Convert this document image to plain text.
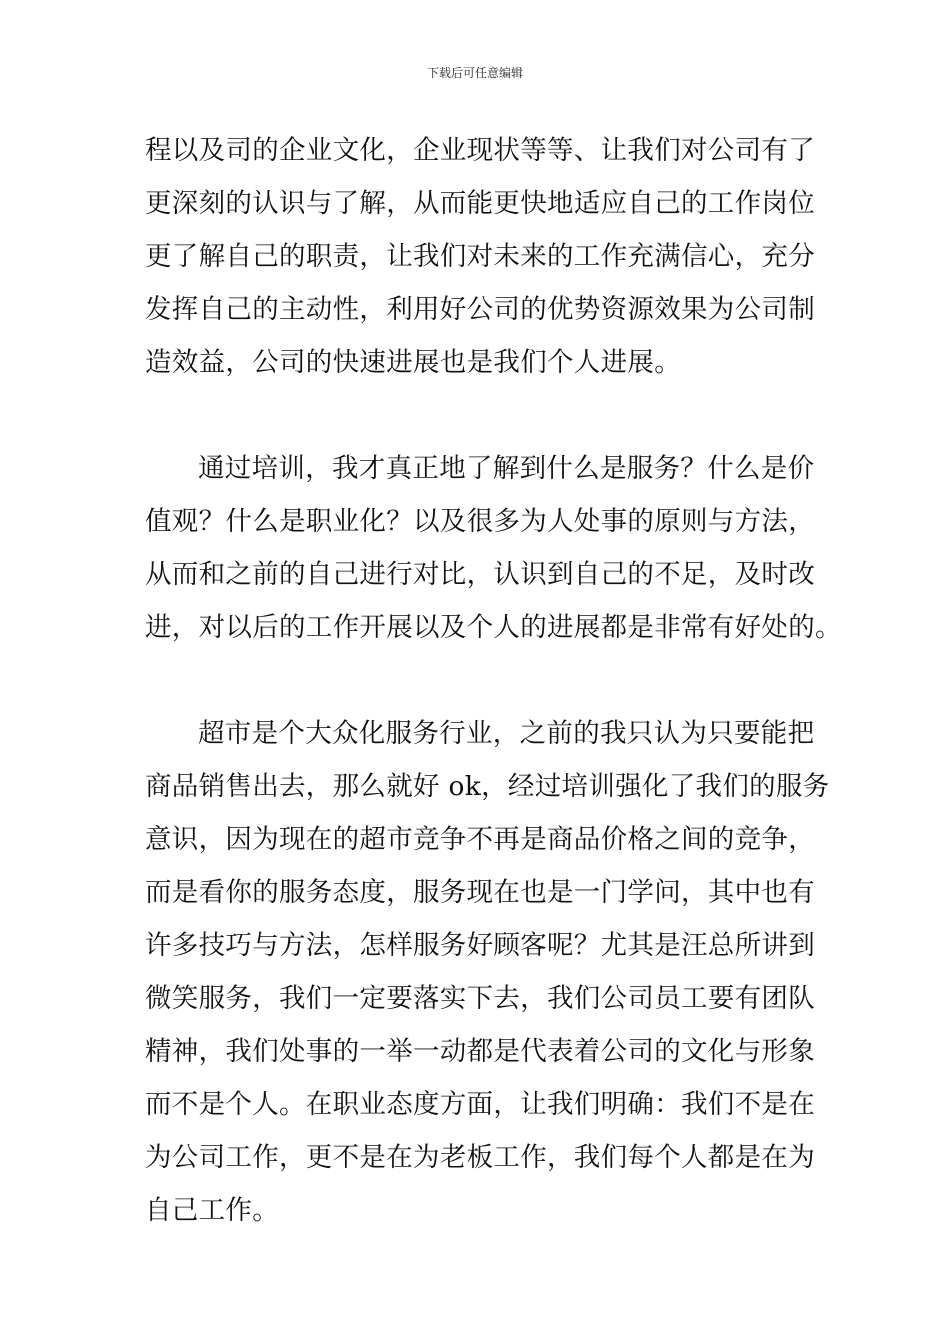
下载后可任意编辑
程以及司的企业文化，企业现状等等、让我们对公司有了
更深刻的认识与了解，从而能更快地适应自己的工作岗位
更了解自己的职责，让我们对未来的工作充满信心，充分
发挥自己的主动性，利用好公司的优势资源效果为公司制
造效益，公司的快速进展也是我们个人进展。
通过培训，我才真正地了解到什么是服务？什么是价
值观？什么是职业化？以及很多为人处事的原则与方法，
从而和之前的自己进行对比，认识到自己的不足，及时改
进，对以后的工作开展以及个人的进展都是非常有好处的。
超市是个大众化服务行业，之前的我只认为只要能把
商品销售出去，那么就好 ok，经过培训强化了我们的服务
意识，因为现在的超市竞争不再是商品价格之间的竞争，
而是看你的服务态度，服务现在也是一门学问，其中也有
许多技巧与方法，怎样服务好顾客呢？尤其是汪总所讲到
微笑服务，我们一定要落实下去，我们公司员工要有团队
精神，我们处事的一举一动都是代表着公司的文化与形象
而不是个人。在职业态度方面，让我们明确：我们不是在
为公司工作，更不是在为老板工作，我们每个人都是在为
自己工作。
